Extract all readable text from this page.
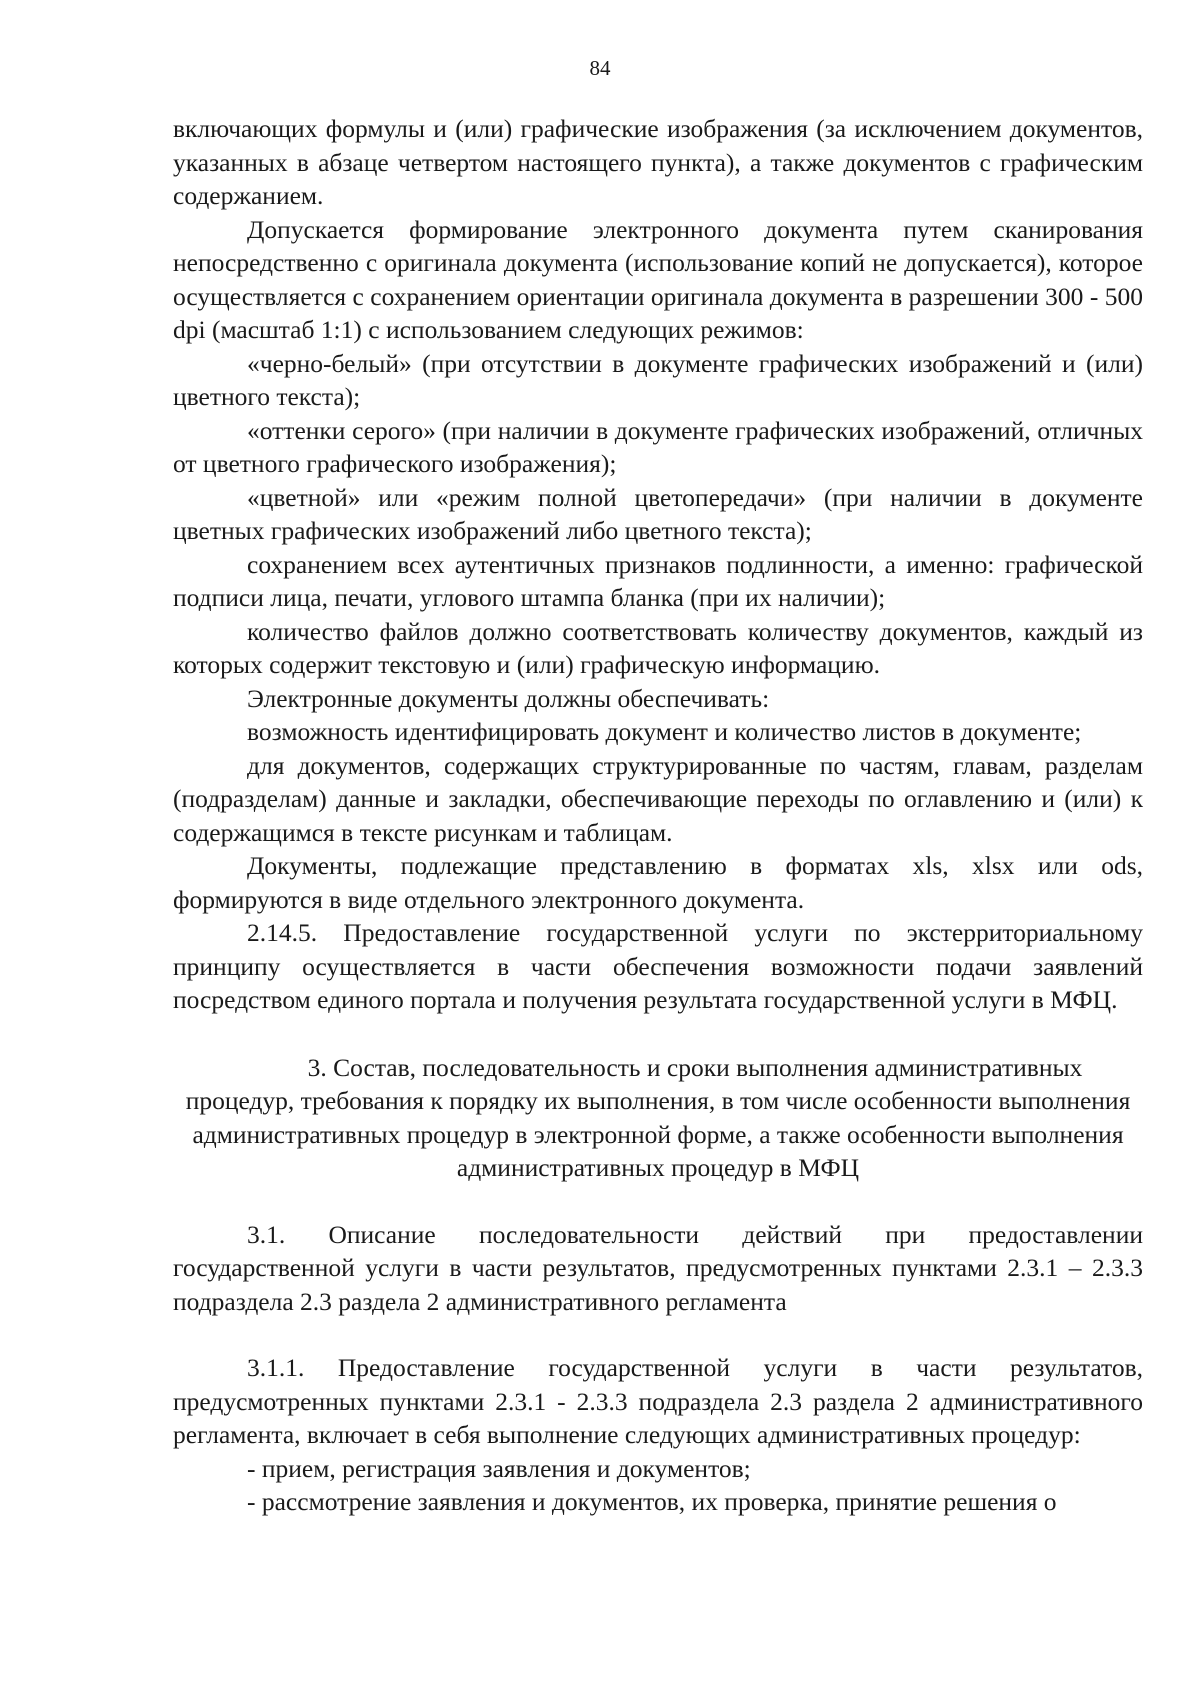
84

включающих формулы и (или) графические изображения (за исключением документов, указанных в абзаце четвертом настоящего пункта), а также документов с графическим содержанием.

Допускается формирование электронного документа путем сканирования непосредственно с оригинала документа (использование копий не допускается), которое осуществляется с сохранением ориентации оригинала документа в разрешении 300 - 500 dpi (масштаб 1:1) с использованием следующих режимов:

«черно-белый» (при отсутствии в документе графических изображений и (или) цветного текста);

«оттенки серого» (при наличии в документе графических изображений, отличных от цветного графического изображения);

«цветной» или «режим полной цветопередачи» (при наличии в документе цветных графических изображений либо цветного текста);

сохранением всех аутентичных признаков подлинности, а именно: графической подписи лица, печати, углового штампа бланка (при их наличии);

количество файлов должно соответствовать количеству документов, каждый из которых содержит текстовую и (или) графическую информацию.

Электронные документы должны обеспечивать:

возможность идентифицировать документ и количество листов в документе;

для документов, содержащих структурированные по частям, главам, разделам (подразделам) данные и закладки, обеспечивающие переходы по оглавлению и (или) к содержащимся в тексте рисункам и таблицам.

Документы, подлежащие представлению в форматах xls, xlsx или ods, формируются в виде отдельного электронного документа.

2.14.5. Предоставление государственной услуги по экстерриториальному принципу осуществляется в части обеспечения возможности подачи заявлений посредством единого портала и получения результата государственной услуги в МФЦ.

3. Состав, последовательность и сроки выполнения административных процедур, требования к порядку их выполнения, в том числе особенности выполнения административных процедур в электронной форме, а также особенности выполнения административных процедур в МФЦ

3.1. Описание последовательности действий при предоставлении государственной услуги в части результатов, предусмотренных пунктами 2.3.1 – 2.3.3 подраздела 2.3 раздела 2 административного регламента

3.1.1. Предоставление государственной услуги в части результатов, предусмотренных пунктами 2.3.1 - 2.3.3 подраздела 2.3 раздела 2 административного регламента, включает в себя выполнение следующих административных процедур:

- прием, регистрация заявления и документов;

- рассмотрение заявления и документов, их проверка, принятие решения о
